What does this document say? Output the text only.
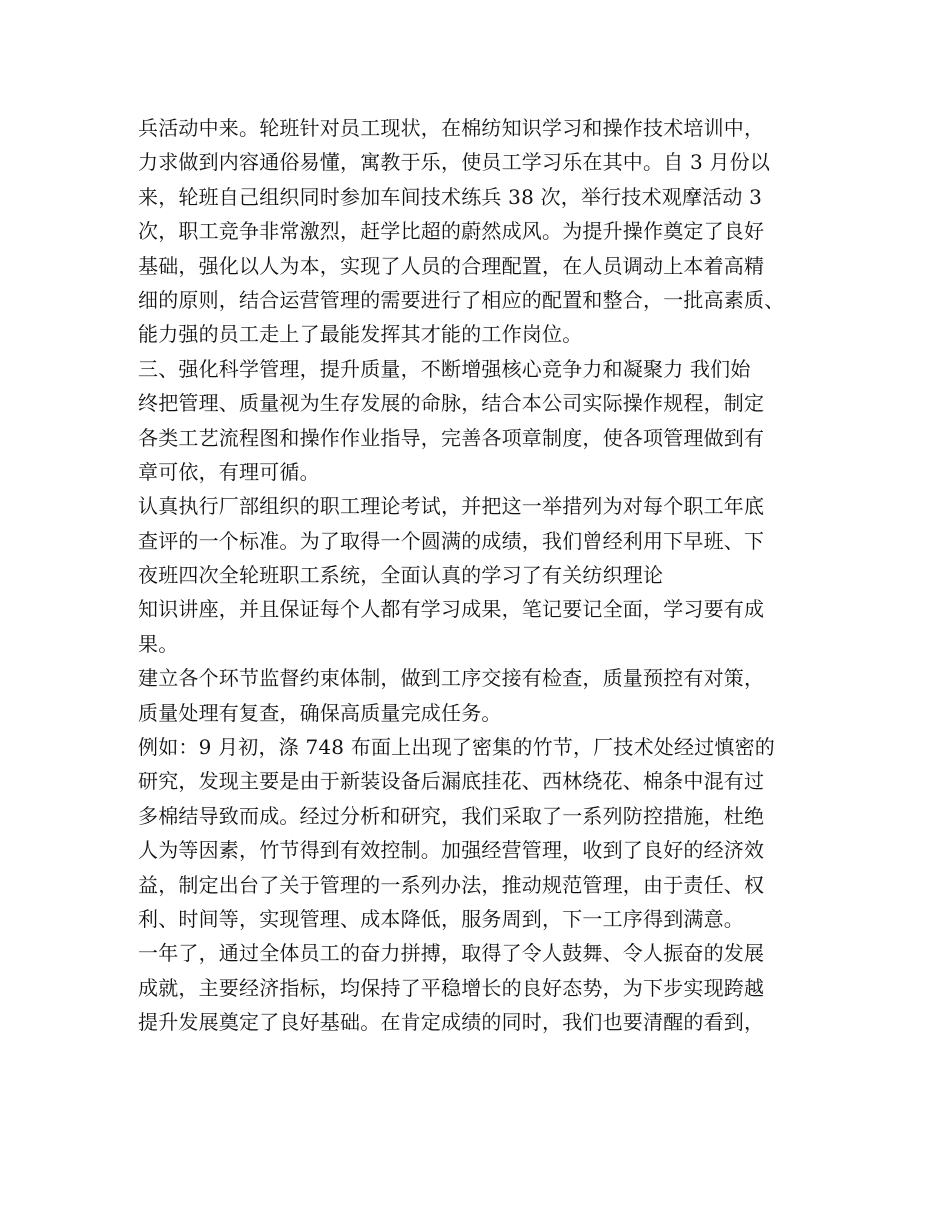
兵活动中来。轮班针对员工现状，在棉纺知识学习和操作技术培训中，
力求做到内容通俗易懂，寓教于乐，使员工学习乐在其中。自 3 月份以
来，轮班自己组织同时参加车间技术练兵 38 次，举行技术观摩活动 3
次，职工竞争非常激烈，赶学比超的蔚然成风。为提升操作奠定了良好
基础，强化以人为本，实现了人员的合理配置，在人员调动上本着高精
细的原则，结合运营管理的需要进行了相应的配置和整合，一批高素质、
能力强的员工走上了最能发挥其才能的工作岗位。
三、强化科学管理，提升质量，不断增强核心竞争力和凝聚力 我们始
终把管理、质量视为生存发展的命脉，结合本公司实际操作规程，制定
各类工艺流程图和操作作业指导，完善各项章制度，使各项管理做到有
章可依，有理可循。
认真执行厂部组织的职工理论考试，并把这一举措列为对每个职工年底
查评的一个标准。为了取得一个圆满的成绩，我们曾经利用下早班、下
夜班四次全轮班职工系统，全面认真的学习了有关纺织理论
知识讲座，并且保证每个人都有学习成果，笔记要记全面，学习要有成
果。
建立各个环节监督约束体制，做到工序交接有检查，质量预控有对策，
质量处理有复查，确保高质量完成任务。
例如：9 月初，涤 748 布面上出现了密集的竹节，厂技术处经过慎密的
研究，发现主要是由于新装设备后漏底挂花、西林绕花、棉条中混有过
多棉结导致而成。经过分析和研究，我们采取了一系列防控措施，杜绝
人为等因素，竹节得到有效控制。加强经营管理，收到了良好的经济效
益，制定出台了关于管理的一系列办法，推动规范管理，由于责任、权
利、时间等，实现管理、成本降低，服务周到，下一工序得到满意。
一年了，通过全体员工的奋力拼搏，取得了令人鼓舞、令人振奋的发展
成就，主要经济指标，均保持了平稳增长的良好态势，为下步实现跨越
提升发展奠定了良好基础。在肯定成绩的同时，我们也要清醒的看到，
